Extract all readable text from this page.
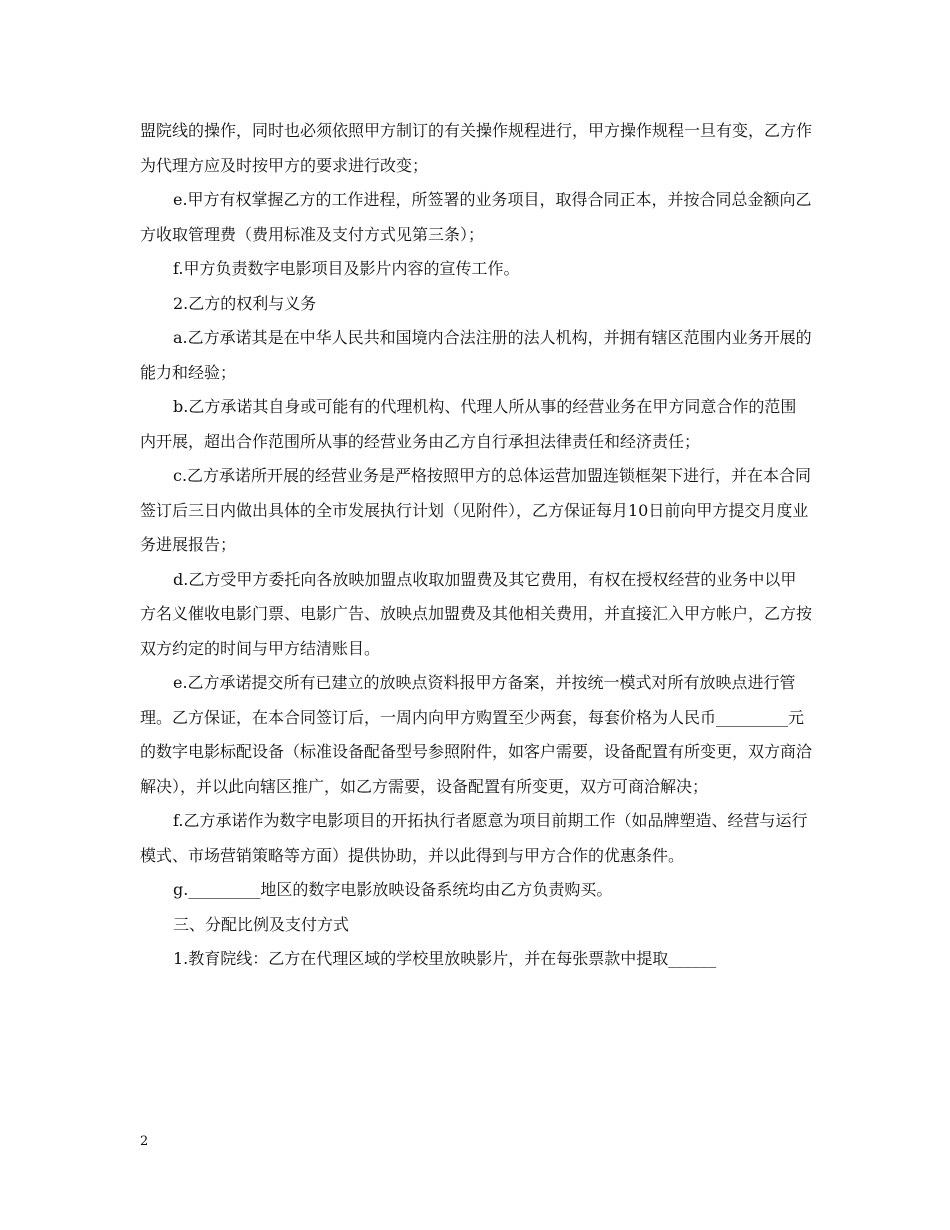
盟院线的操作，同时也必须依照甲方制订的有关操作规程进行，甲方操作规程一旦有变，乙方作为代理方应及时按甲方的要求进行改变；

e.甲方有权掌握乙方的工作进程，所签署的业务项目，取得合同正本，并按合同总金额向乙方收取管理费（费用标准及支付方式见第三条）；

f.甲方负责数字电影项目及影片内容的宣传工作。

2.乙方的权利与义务

a.乙方承诺其是在中华人民共和国境内合法注册的法人机构，并拥有辖区范围内业务开展的能力和经验；

b.乙方承诺其自身或可能有的代理机构、代理人所从事的经营业务在甲方同意合作的范围内开展，超出合作范围所从事的经营业务由乙方自行承担法律责任和经济责任；

c.乙方承诺所开展的经营业务是严格按照甲方的总体运营加盟连锁框架下进行，并在本合同签订后三日内做出具体的全市发展执行计划（见附件），乙方保证每月10日前向甲方提交月度业务进展报告；

d.乙方受甲方委托向各放映加盟点收取加盟费及其它费用，有权在授权经营的业务中以甲方名义催收电影门票、电影广告、放映点加盟费及其他相关费用，并直接汇入甲方帐户，乙方按双方约定的时间与甲方结清账目。

e.乙方承诺提交所有已建立的放映点资料报甲方备案，并按统一模式对所有放映点进行管理。乙方保证，在本合同签订后，一周内向甲方购置至少两套，每套价格为人民币_________元的数字电影标配设备（标准设备配备型号参照附件，如客户需要，设备配置有所变更，双方商洽解决），并以此向辖区推广，如乙方需要，设备配置有所变更，双方可商洽解决；

f.乙方承诺作为数字电影项目的开拓执行者愿意为项目前期工作（如品牌塑造、经营与运行模式、市场营销策略等方面）提供协助，并以此得到与甲方合作的优惠条件。

g._________地区的数字电影放映设备系统均由乙方负责购买。

三、分配比例及支付方式

1.教育院线：乙方在代理区域的学校里放映影片，并在每张票款中提取______

2
